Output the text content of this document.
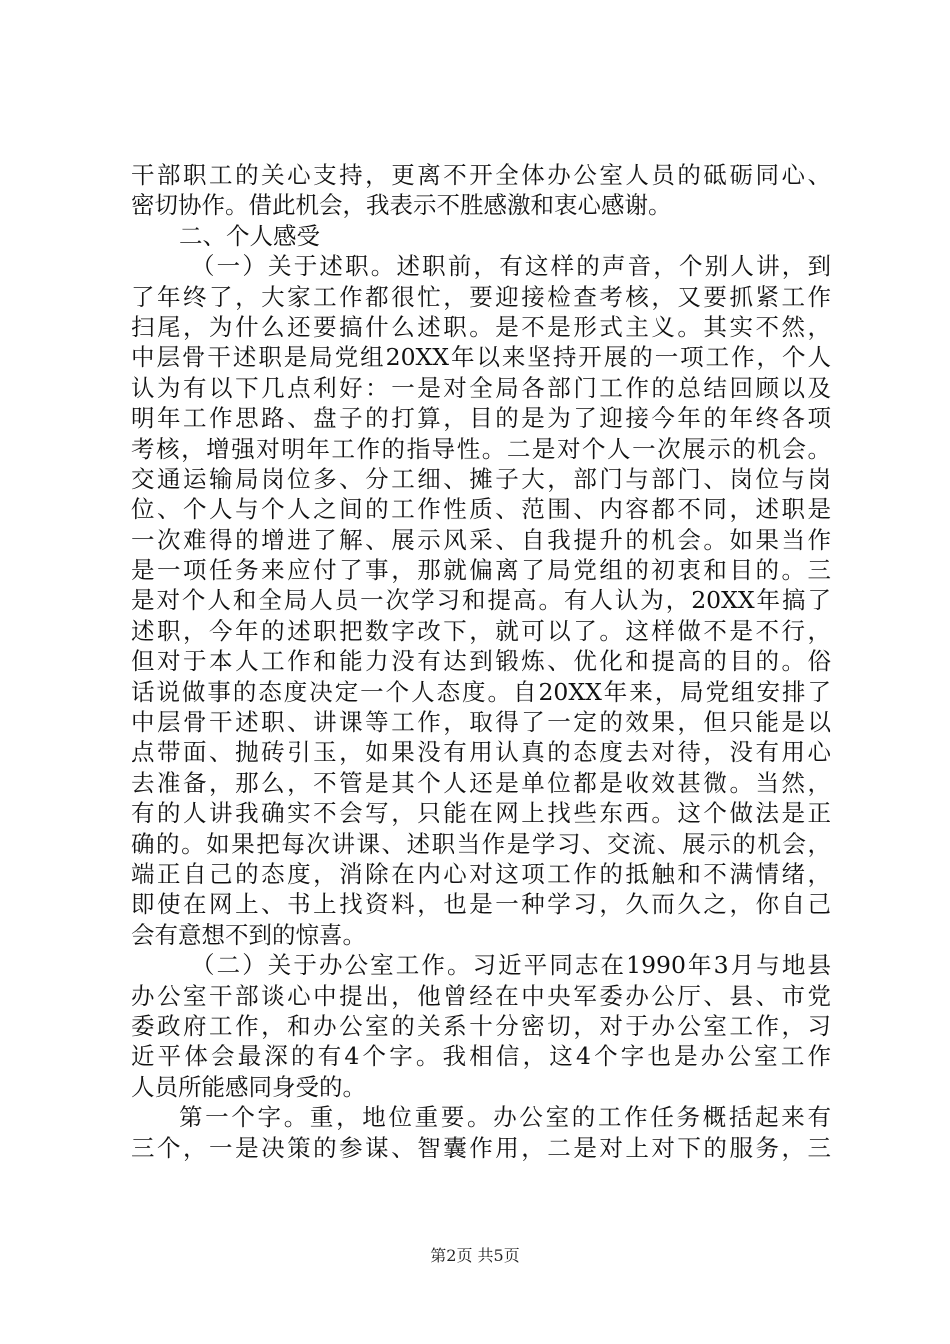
干部职工的关心支持，更离不开全体办公室人员的砥砺同心、
密切协作。借此机会，我表示不胜感激和衷心感谢。
二、个人感受
（一）关于述职。述职前，有这样的声音，个别人讲，到
了年终了，大家工作都很忙，要迎接检查考核，又要抓紧工作
扫尾，为什么还要搞什么述职。是不是形式主义。其实不然，
中层骨干述职是局党组20XX年以来坚持开展的一项工作，个人
认为有以下几点利好：一是对全局各部门工作的总结回顾以及
明年工作思路、盘子的打算，目的是为了迎接今年的年终各项
考核，增强对明年工作的指导性。二是对个人一次展示的机会。
交通运输局岗位多、分工细、摊子大，部门与部门、岗位与岗
位、个人与个人之间的工作性质、范围、内容都不同，述职是
一次难得的增进了解、展示风采、自我提升的机会。如果当作
是一项任务来应付了事，那就偏离了局党组的初衷和目的。三
是对个人和全局人员一次学习和提高。有人认为，20XX年搞了
述职，今年的述职把数字改下，就可以了。这样做不是不行，
但对于本人工作和能力没有达到锻炼、优化和提高的目的。俗
话说做事的态度决定一个人态度。自20XX年来，局党组安排了
中层骨干述职、讲课等工作，取得了一定的效果，但只能是以
点带面、抛砖引玉，如果没有用认真的态度去对待，没有用心
去准备，那么，不管是其个人还是单位都是收效甚微。当然，
有的人讲我确实不会写，只能在网上找些东西。这个做法是正
确的。如果把每次讲课、述职当作是学习、交流、展示的机会，
端正自己的态度，消除在内心对这项工作的抵触和不满情绪，
即使在网上、书上找资料，也是一种学习，久而久之，你自己
会有意想不到的惊喜。
（二）关于办公室工作。习近平同志在1990年3月与地县
办公室干部谈心中提出，他曾经在中央军委办公厅、县、市党
委政府工作，和办公室的关系十分密切，对于办公室工作，习
近平体会最深的有4个字。我相信，这4个字也是办公室工作
人员所能感同身受的。
第一个字。重，地位重要。办公室的工作任务概括起来有
三个，一是决策的参谋、智囊作用，二是对上对下的服务，三
第2页 共5页
